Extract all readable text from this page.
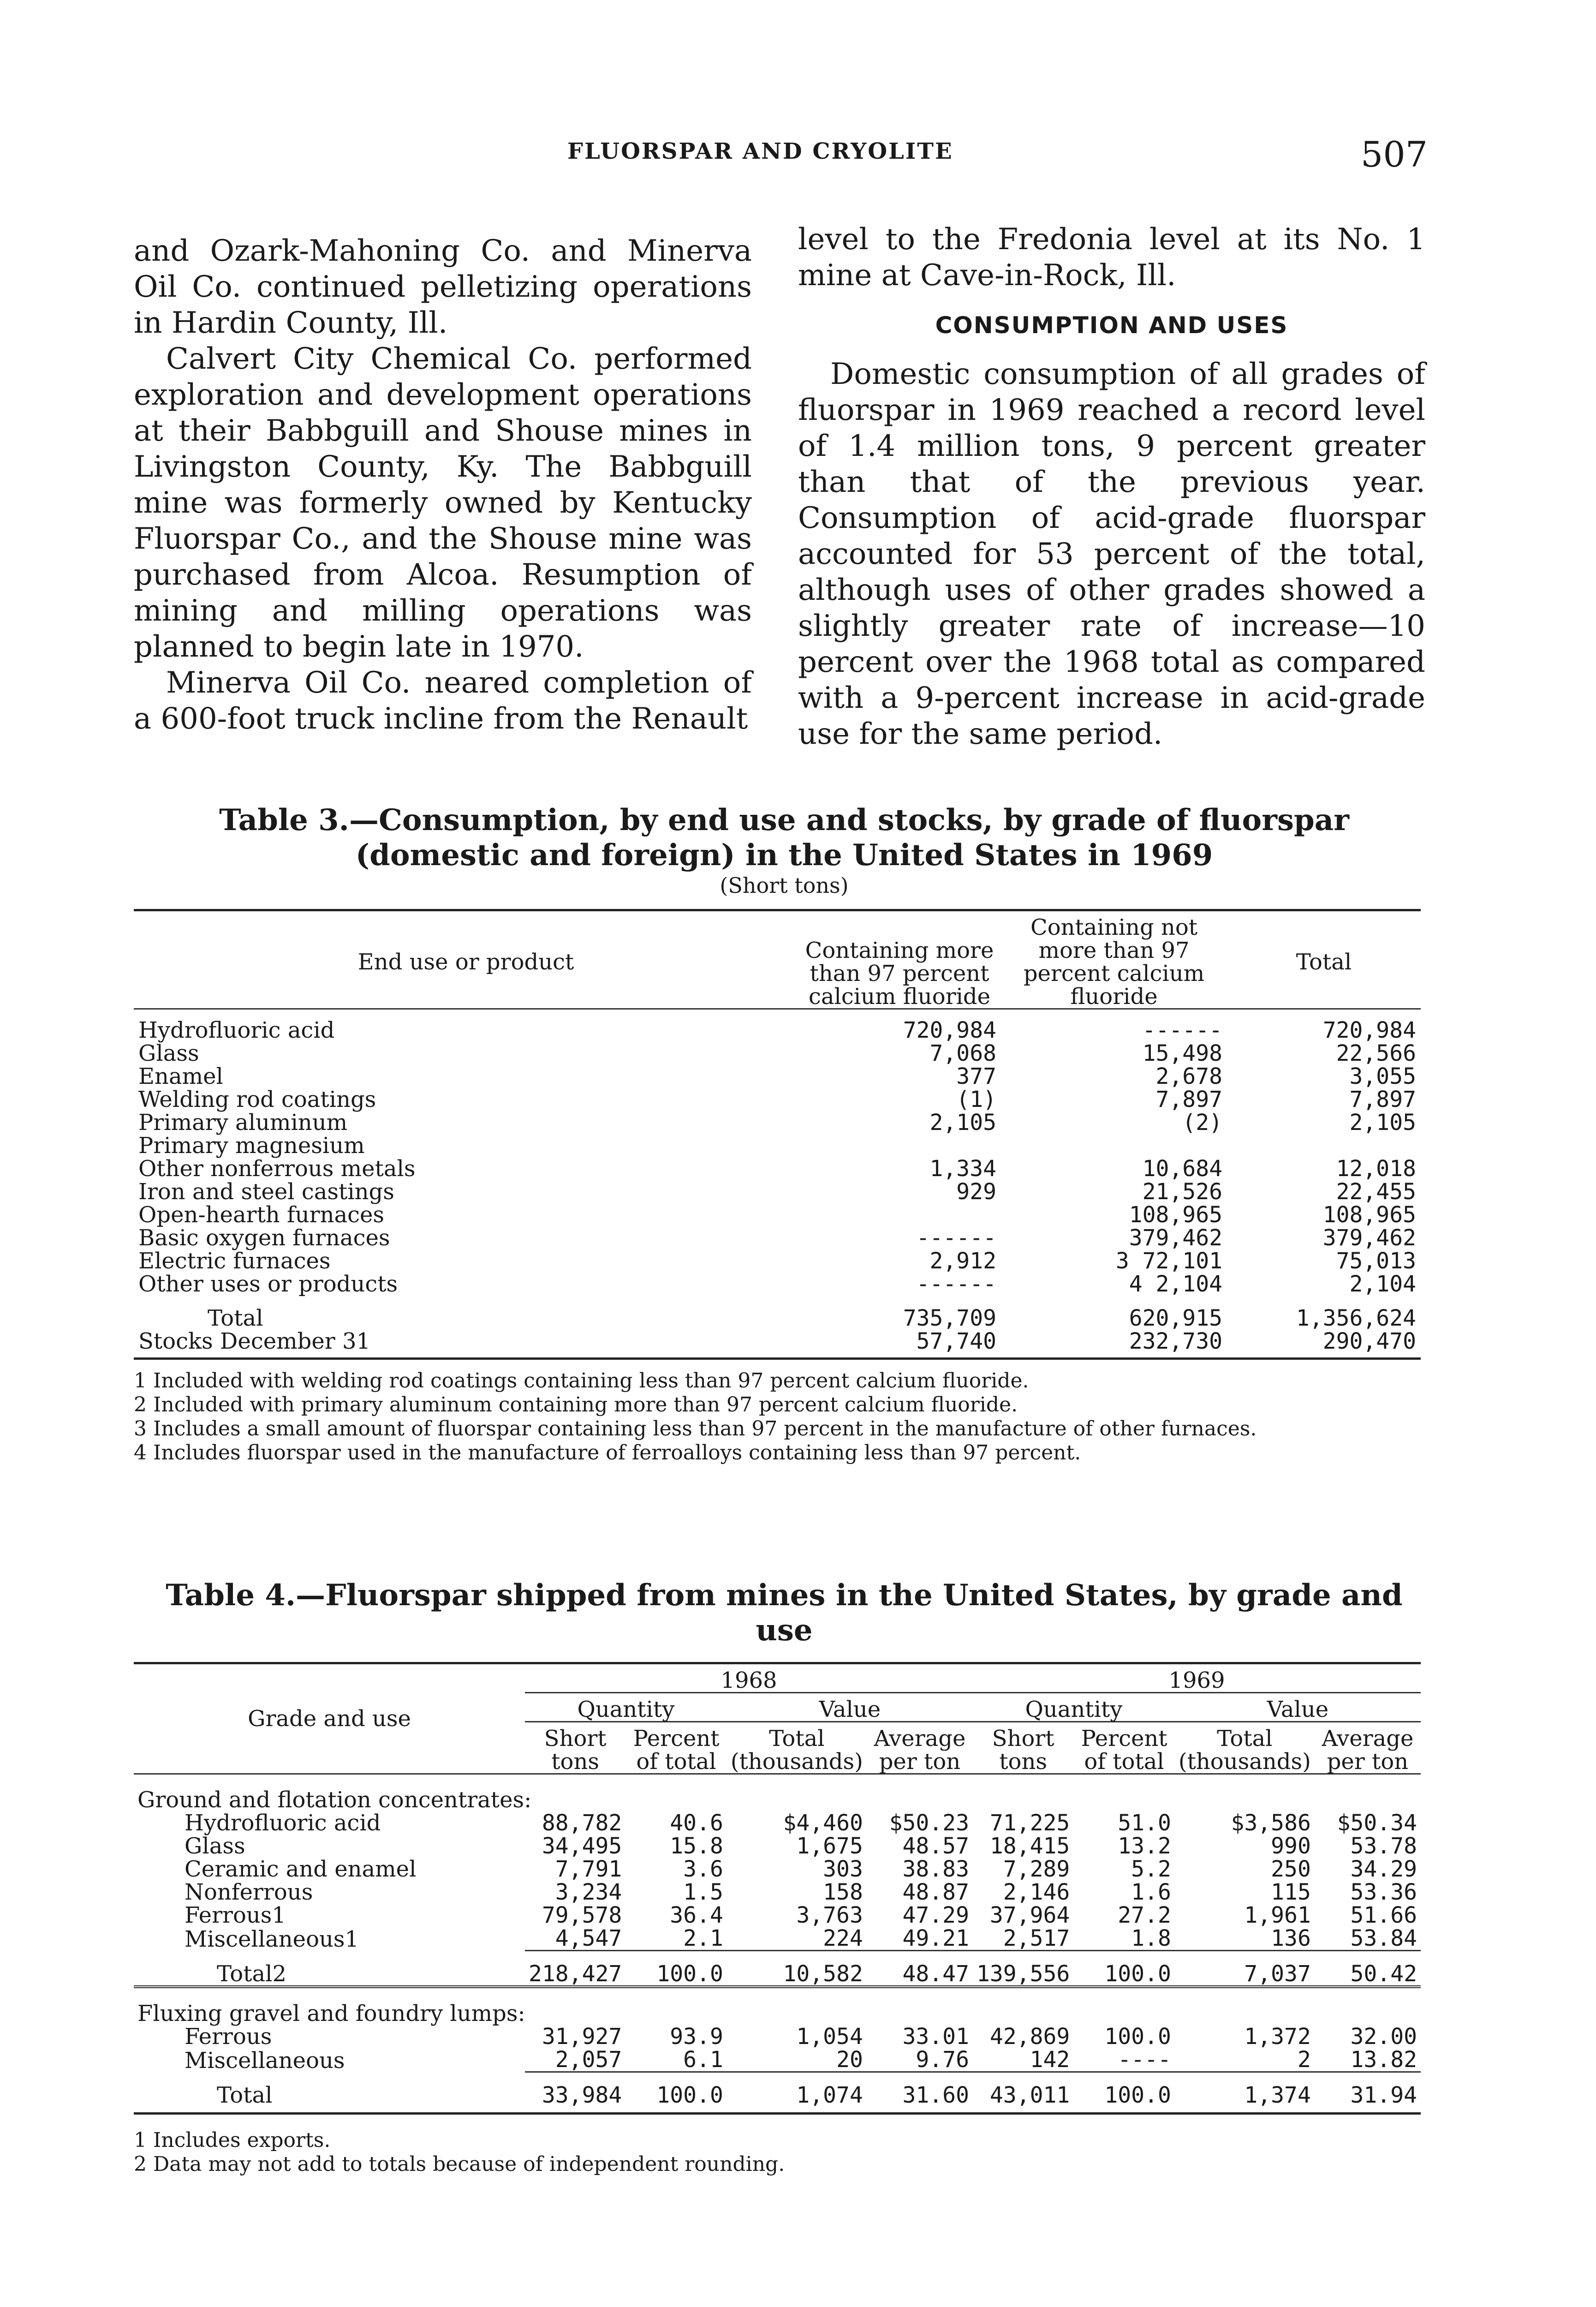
FLUORSPAR AND CRYOLITE	507

and Ozark-Mahoning Co. and Minerva Oil Co. continued pelletizing operations in Hardin County, Ill.

Calvert City Chemical Co. performed exploration and development operations at their Babbguill and Shouse mines in Livingston County, Ky. The Babbguill mine was formerly owned by Kentucky Fluorspar Co., and the Shouse mine was purchased from Alcoa. Resumption of mining and milling operations was planned to begin late in 1970.

Minerva Oil Co. neared completion of a 600-foot truck incline from the Renault

level to the Fredonia level at its No. 1 mine at Cave-in-Rock, Ill.

CONSUMPTION AND USES

Domestic consumption of all grades of fluorspar in 1969 reached a record level of 1.4 million tons, 9 percent greater than that of the previous year. Consumption of acid-grade fluorspar accounted for 53 percent of the total, although uses of other grades showed a slightly greater rate of increase—10 percent over the 1968 total as compared with a 9-percent increase in acid-grade use for the same period.

Table 3.—Consumption, by end use and stocks, by grade of fluorspar (domestic and foreign) in the United States in 1969
(Short tons)
End use or product	Containing more than 97 percent calcium fluoride	Containing not more than 97 percent calcium fluoride	Total

Hydrofluoric acid	720,984	------	720,984
Glass	7,068	15,498	22,566
Enamel	377	2,678	3,055
Welding rod coatings	(1)	7,897	7,897
Primary aluminum	2,105	(2)	2,105
Primary magnesium			
Other nonferrous metals	1,334	10,684	12,018
Iron and steel castings	929	21,526	22,455
Open-hearth furnaces		108,965	108,965
Basic oxygen furnaces	------	379,462	379,462
Electric furnaces	2,912	3 72,101	75,013
Other uses or products	------	4 2,104	2,104

Total	735,709	620,915	1,356,624
Stocks December 31	57,740	232,730	290,470

1 Included with welding rod coatings containing less than 97 percent calcium fluoride.
2 Included with primary aluminum containing more than 97 percent calcium fluoride.
3 Includes a small amount of fluorspar containing less than 97 percent in the manufacture of other furnaces.
4 Includes fluorspar used in the manufacture of ferroalloys containing less than 97 percent.
Table 4.—Fluorspar shipped from mines in the United States, by grade and use
Grade and use	1968				1969			
	Quantity		Value		Quantity		Value	
	Short tons	Percent of total	Total (thousands)	Average per ton	Short tons	Percent of total	Total (thousands)	Average per ton

Ground and flotation concentrates:								
Hydrofluoric acid	88,782	40.6	$4,460	$50.23	71,225	51.0	$3,586	$50.34
Glass	34,495	15.8	1,675	48.57	18,415	13.2	990	53.78
Ceramic and enamel	7,791	3.6	303	38.83	7,289	5.2	250	34.29
Nonferrous	3,234	1.5	158	48.87	2,146	1.6	115	53.36
Ferrous1	79,578	36.4	3,763	47.29	37,964	27.2	1,961	51.66
Miscellaneous1	4,547	2.1	224	49.21	2,517	1.8	136	53.84

Total2	218,427	100.0	10,582	48.47	139,556	100.0	7,037	50.42

Fluxing gravel and foundry lumps:								
Ferrous	31,927	93.9	1,054	33.01	42,869	100.0	1,372	32.00
Miscellaneous	2,057	6.1	20	9.76	142	----	2	13.82

Total	33,984	100.0	1,074	31.60	43,011	100.0	1,374	31.94

1 Includes exports.
2 Data may not add to totals because of independent rounding.
